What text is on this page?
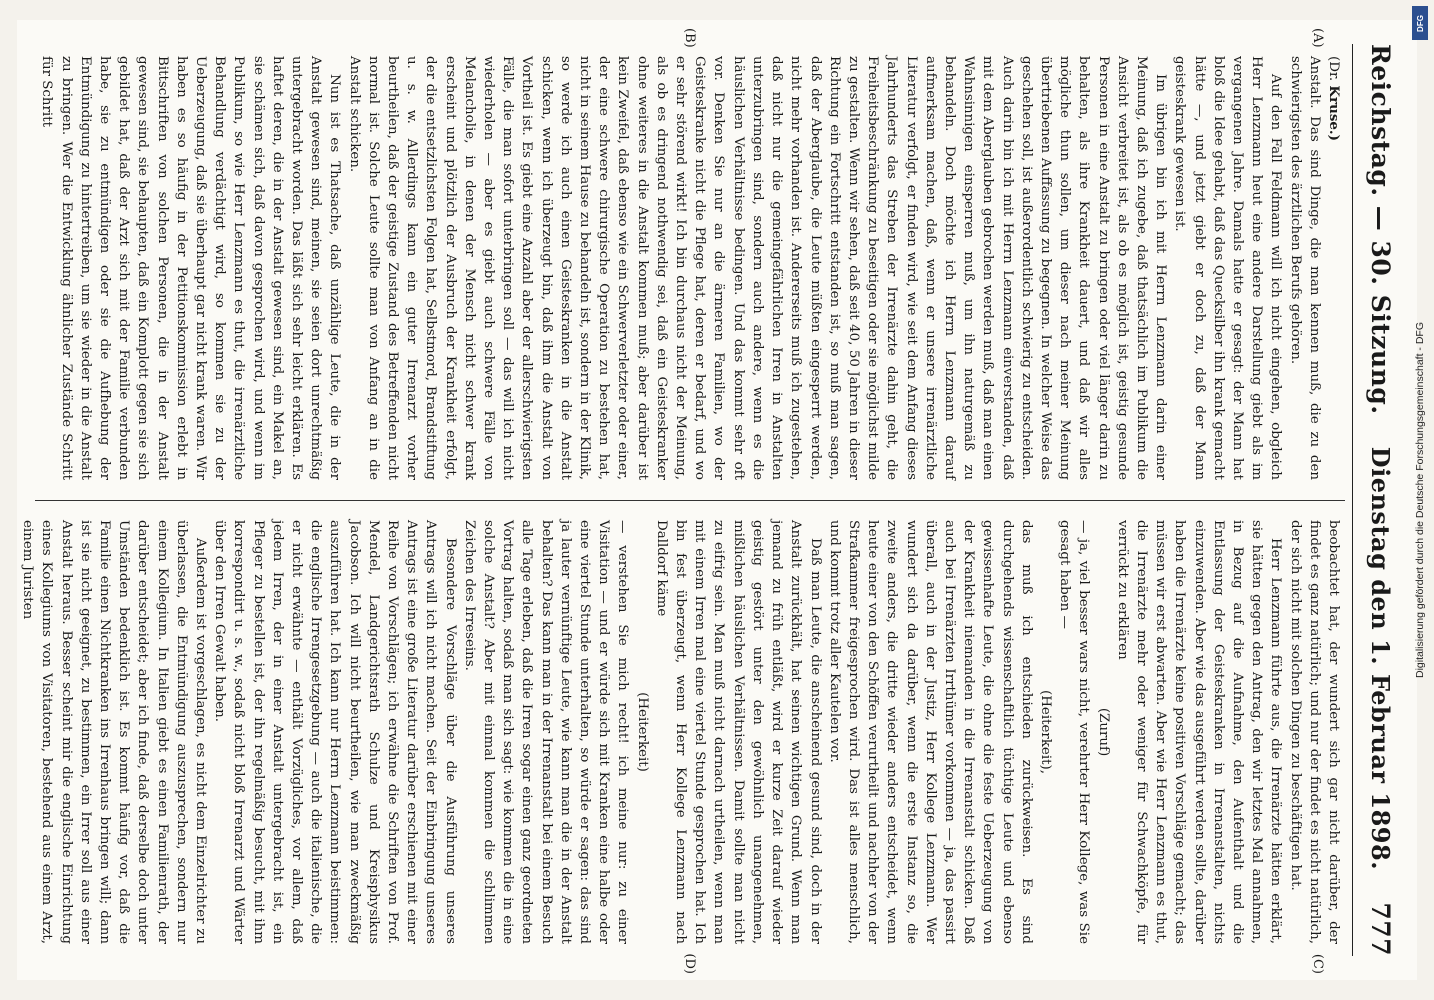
Reichstag. — 30. Sitzung.
Dienstag den 1. Februar 1898.
777
(A)
(B)
(C)
(D)

(Dr. Kruse.)

Anstalt. Das sind Dinge, die man kennen muß, die zu den schwierigsten des ärztlichen Berufs gehören.

Auf den Fall Feldmann will ich nicht eingehen, obgleich Herr Lenzmann heut eine andere Darstellung giebt als im vergangenen Jahre. Damals hatte er gesagt: der Mann hat bloß die Idee gehabt, daß das Quecksilber ihn krank gemacht hätte —, und jetzt giebt er doch zu, daß der Mann geisteskrank gewesen ist.

Im übrigen bin ich mit Herrn Lenzmann darin einer Meinung, daß ich zugebe, daß thatsächlich im Publikum die Ansicht verbreitet ist, als ob es möglich ist, geistig gesunde Personen in eine Anstalt zu bringen oder viel länger darin zu behalten, als ihre Krankheit dauert, und daß wir alles mögliche thun sollen, um dieser nach meiner Meinung übertriebenen Auffassung zu begegnen. In welcher Weise das geschehen soll, ist außerordentlich schwierig zu entscheiden. Auch darin bin ich mit Herrn Lenzmann einverstanden, daß mit dem Aberglauben gebrochen werden muß, daß man einen Wahnsinnigen einsperren muß, um ihn naturgemäß zu behandeln. Doch möchte ich Herrn Lenzmann darauf aufmerksam machen, daß, wenn er unsere irrenärztliche Literatur verfolgt, er finden wird, wie seit dem Anfang dieses Jahrhunderts das Streben der Irrenärzte dahin geht, die Freiheitsbeschränkung zu beseitigen oder sie möglichst milde zu gestalten. Wenn wir sehen, daß seit 40, 50 Jahren in dieser Richtung ein Fortschritt entstanden ist, so muß man sagen, daß der Aberglaube, die Leute müßten eingesperrt werden, nicht mehr vorhanden ist. Andererseits muß ich zugestehen, daß nicht nur die gemeingefährlichen Irren in Anstalten unterzubringen sind, sondern auch andere, wenn es die häuslichen Verhältnisse bedingen. Und das kommt sehr oft vor. Denken Sie nur an die ärmeren Familien, wo der Geisteskranke nicht die Pflege hat, deren er bedarf, und wo er sehr störend wirkt! Ich bin durchaus nicht der Meinung, als ob es dringend nothwendig sei, daß ein Geisteskranker ohne weiteres in die Anstalt kommen muß; aber darüber ist kein Zweifel, daß ebenso wie ein Schwerverletzter oder einer, der eine schwere chirurgische Operation zu bestehen hat, nicht in seinem Hause zu behandeln ist, sondern in der Klinik, so werde ich auch einen Geisteskranken in die Anstalt schicken, wenn ich überzeugt bin, daß ihm die Anstalt von Vortheil ist. Es giebt eine Anzahl aber der allerschwierigsten Fälle, die man sofort unterbringen soll — das will ich nicht wiederholen — aber es giebt auch schwere Fälle von Melancholie, in denen der Mensch nicht schwer krank erscheint und plötzlich der Ausbruch der Krankheit erfolgt, der die entsetzlichsten Folgen hat, Selbstmord, Brandstiftung u. s. w. Allerdings kann ein guter Irrenarzt vorher beurtheilen, daß der geistige Zustand des Betreffenden nicht normal ist. Solche Leute sollte man von Anfang an in die Anstalt schicken.

Nun ist es Thatsache, daß unzählige Leute, die in der Anstalt gewesen sind, meinen, sie seien dort unrechtmäßig untergebracht worden. Das läßt sich sehr leicht erklären. Es haftet deren, die in der Anstalt gewesen sind, ein Makel an, sie schämen sich, daß davon gesprochen wird, und wenn im Publikum, so wie Herr Lenzmann es thut, die irrenärztliche Behandlung verdächtigt wird, so kommen sie zu der Ueberzeugung, daß sie überhaupt gar nicht krank waren. Wir haben es so häufig in der Petitionskommission erlebt in Bittschriften von solchen Personen, die in der Anstalt gewesen sind, sie behaupten, daß ein Komplott gegen sie sich gebildet hat, daß der Arzt sich mit der Familie verbunden habe, sie zu entmündigen oder sie die Aufhebung der Entmündigung zu hintertreiben, um sie wieder in die Anstalt zu bringen. Wer die Entwicklung ähnlicher Zustände Schritt für Schritt

beobachtet hat, der wundert sich gar nicht darüber, der findet es ganz natürlich; und nur der findet es nicht natürlich, der sich nicht mit solchen Dingen zu beschäftigen hat.

Herr Lenzmann führte aus, die Irrenärzte hätten erklärt, sie hätten gegen den Antrag, den wir letztes Mal annahmen, in Bezug auf die Aufnahme, den Aufenthalt und die Entlassung der Geisteskranken in Irrenanstalten, nichts einzuwenden. Aber wie das ausgeführt werden sollte, darüber haben die Irrenärzte keine positiven Vorschläge gemacht; das müssen wir erst abwarten. Aber wie Herr Lenzmann es thut, die Irrenärzte mehr oder weniger für Schwachköpfe, für verrückt zu erklären

(Zuruf)

— ja, viel besser wars nicht, verehrter Herr Kollege, was Sie gesagt haben —

(Heiterkeit),

das muß ich entschieden zurückweisen. Es sind durchgehends wissenschaftlich tüchtige Leute und ebenso gewissenhafte Leute, die ohne die feste Ueberzeugung von der Krankheit niemanden in die Irrenanstalt schicken. Daß auch bei Irrenärzten Irrthümer vorkommen — ja, das passirt überall, auch in der Justiz, Herr Kollege Lenzmann. Wer wundert sich da darüber, wenn die erste Instanz so, die zweite anders, die dritte wieder anders entscheidet, wenn heute einer von den Schöffen verurtheilt und nachher von der Strafkammer freigesprochen wird. Das ist alles menschlich, und kommt trotz aller Kautelen vor.

Daß man Leute, die anscheinend gesund sind, doch in der Anstalt zurückhält, hat seinen wichtigen Grund. Wenn man jemand zu früh entläßt, wird er kurze Zeit darauf wieder geistig gestört unter den gewöhnlich unangenehmen, mißlichen häuslichen Verhältnissen. Damit sollte man nicht zu eifrig sein. Man muß nicht darnach urtheilen, wenn man mit einem Irren mal eine viertel Stunde gesprochen hat. Ich bin fest überzeugt, wenn Herr Kollege Lenzmann nach Dalldorf käme

(Heiterkeit)

— verstehen Sie mich recht! ich meine nur: zu einer Visitation — und er würde sich mit Kranken eine halbe oder eine viertel Stunde unterhalten, so würde er sagen: das sind ja lauter vernünftige Leute, wie kann man die in der Anstalt behalten? Das kann man in der Irrenanstalt bei einem Besuch alle Tage erleben, daß die Irren sogar einen ganz geordneten Vortrag halten, sodaß man sich sagt: wie kommen die in eine solche Anstalt? Aber mit einmal kommen die schlimmen Zeichen des Irreseins.

Besondere Vorschläge über die Ausführung unseres Antrags will ich nicht machen. Seit der Einbringung unseres Antrags ist eine große Literatur darüber erschienen mit einer Reihe von Vorschlägen; ich erwähne die Schriften von Prof. Mendel, Landgerichtsrath Schulze und Kreisphysikus Jacobson. Ich will nicht beurtheilen, wie man zweckmäßig auszuführen hat. Ich kann nur Herrn Lenzmann beistimmen: die englische Irrengesetzgebung — auch die italienische, die er nicht erwähnte — enthält Vorzügliches, vor allem, daß jedem Irren, der in einer Anstalt untergebracht ist, ein Pfleger zu bestellen ist, der ihn regelmäßig besucht, mit ihm korrespondirt u. s. w., sodaß nicht bloß Irrenarzt und Wärter über den Irren Gewalt haben.

Außerdem ist vorgeschlagen, es nicht dem Einzelrichter zu überlassen, die Entmündigung auszusprechen, sondern nur einem Kollegium. In Italien giebt es einen Familienrath, der darüber entscheidet; aber ich finde, daß derselbe doch unter Umständen bedenklich ist. Es kommt häufig vor, daß die Familie einen Nichtkranken ins Irrenhaus bringen will; dann ist sie nicht geeignet, zu bestimmen, ein Irrer soll aus einer Anstalt heraus. Besser scheint mir die englische Einrichtung eines Kollegiums von Visitatoren, bestehend aus einem Arzt, einem Juristen

DFG
Digitalisierung gefördert durch die Deutsche Forschungsgemeinschaft - DFG
